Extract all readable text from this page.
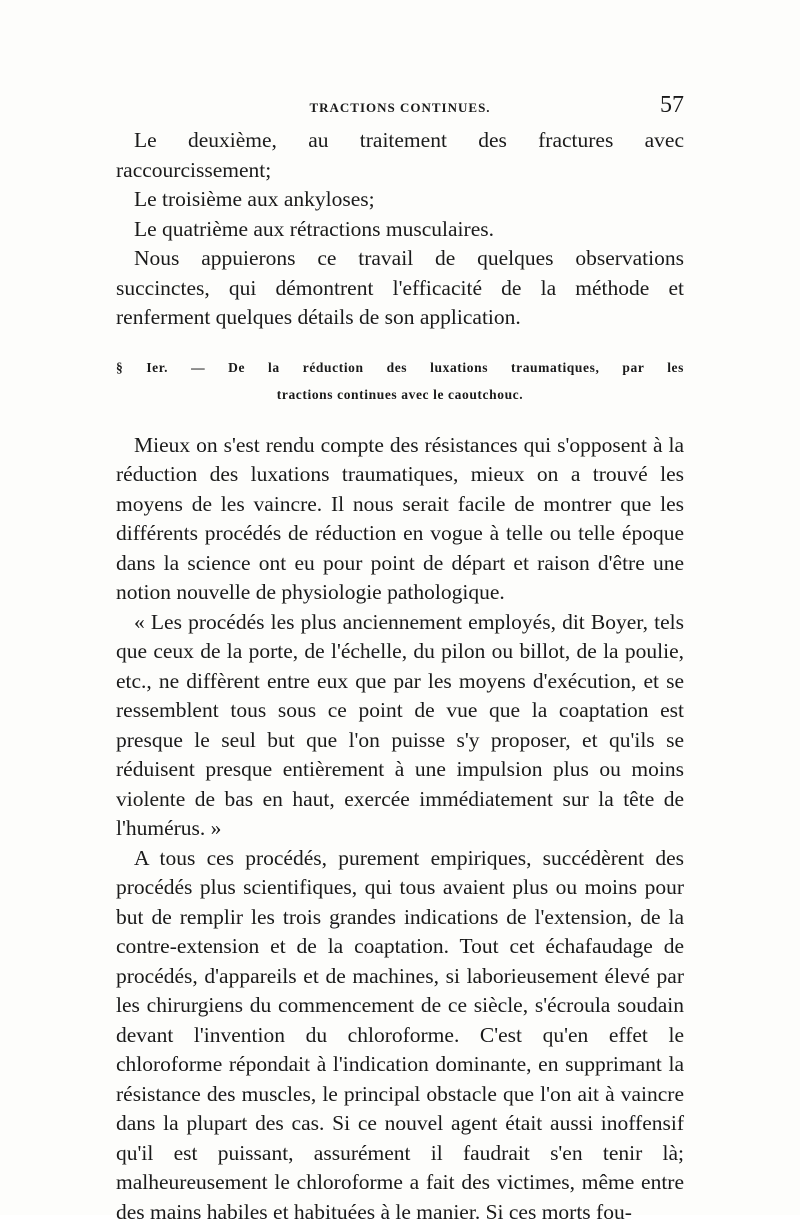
TRACTIONS CONTINUES.	57

Le deuxième, au traitement des fractures avec raccourcissement;

Le troisième aux ankyloses;

Le quatrième aux rétractions musculaires.

Nous appuierons ce travail de quelques observations succinctes, qui démontrent l'efficacité de la méthode et renferment quelques détails de son application.

§ Ier. — De la réduction des luxations traumatiques, par les
tractions continues avec le caoutchouc.

Mieux on s'est rendu compte des résistances qui s'opposent à la réduction des luxations traumatiques, mieux on a trouvé les moyens de les vaincre. Il nous serait facile de montrer que les différents procédés de réduction en vogue à telle ou telle époque dans la science ont eu pour point de départ et raison d'être une notion nouvelle de physiologie pathologique.

« Les procédés les plus anciennement employés, dit Boyer, tels que ceux de la porte, de l'échelle, du pilon ou billot, de la poulie, etc., ne diffèrent entre eux que par les moyens d'exécution, et se ressemblent tous sous ce point de vue que la coaptation est presque le seul but que l'on puisse s'y proposer, et qu'ils se réduisent presque entièrement à une impulsion plus ou moins violente de bas en haut, exercée immédiatement sur la tête de l'humérus. »

A tous ces procédés, purement empiriques, succédèrent des procédés plus scientifiques, qui tous avaient plus ou moins pour but de remplir les trois grandes indications de l'extension, de la contre-extension et de la coaptation. Tout cet échafaudage de procédés, d'appareils et de machines, si laborieusement élevé par les chirurgiens du commencement de ce siècle, s'écroula soudain devant l'invention du chloroforme. C'est qu'en effet le chloroforme répondait à l'indication dominante, en supprimant la résistance des muscles, le principal obstacle que l'on ait à vaincre dans la plupart des cas. Si ce nouvel agent était aussi inoffensif qu'il est puissant, assurément il faudrait s'en tenir là; malheureusement le chloroforme a fait des victimes, même entre des mains habiles et habituées à le manier. Si ces morts fou-
